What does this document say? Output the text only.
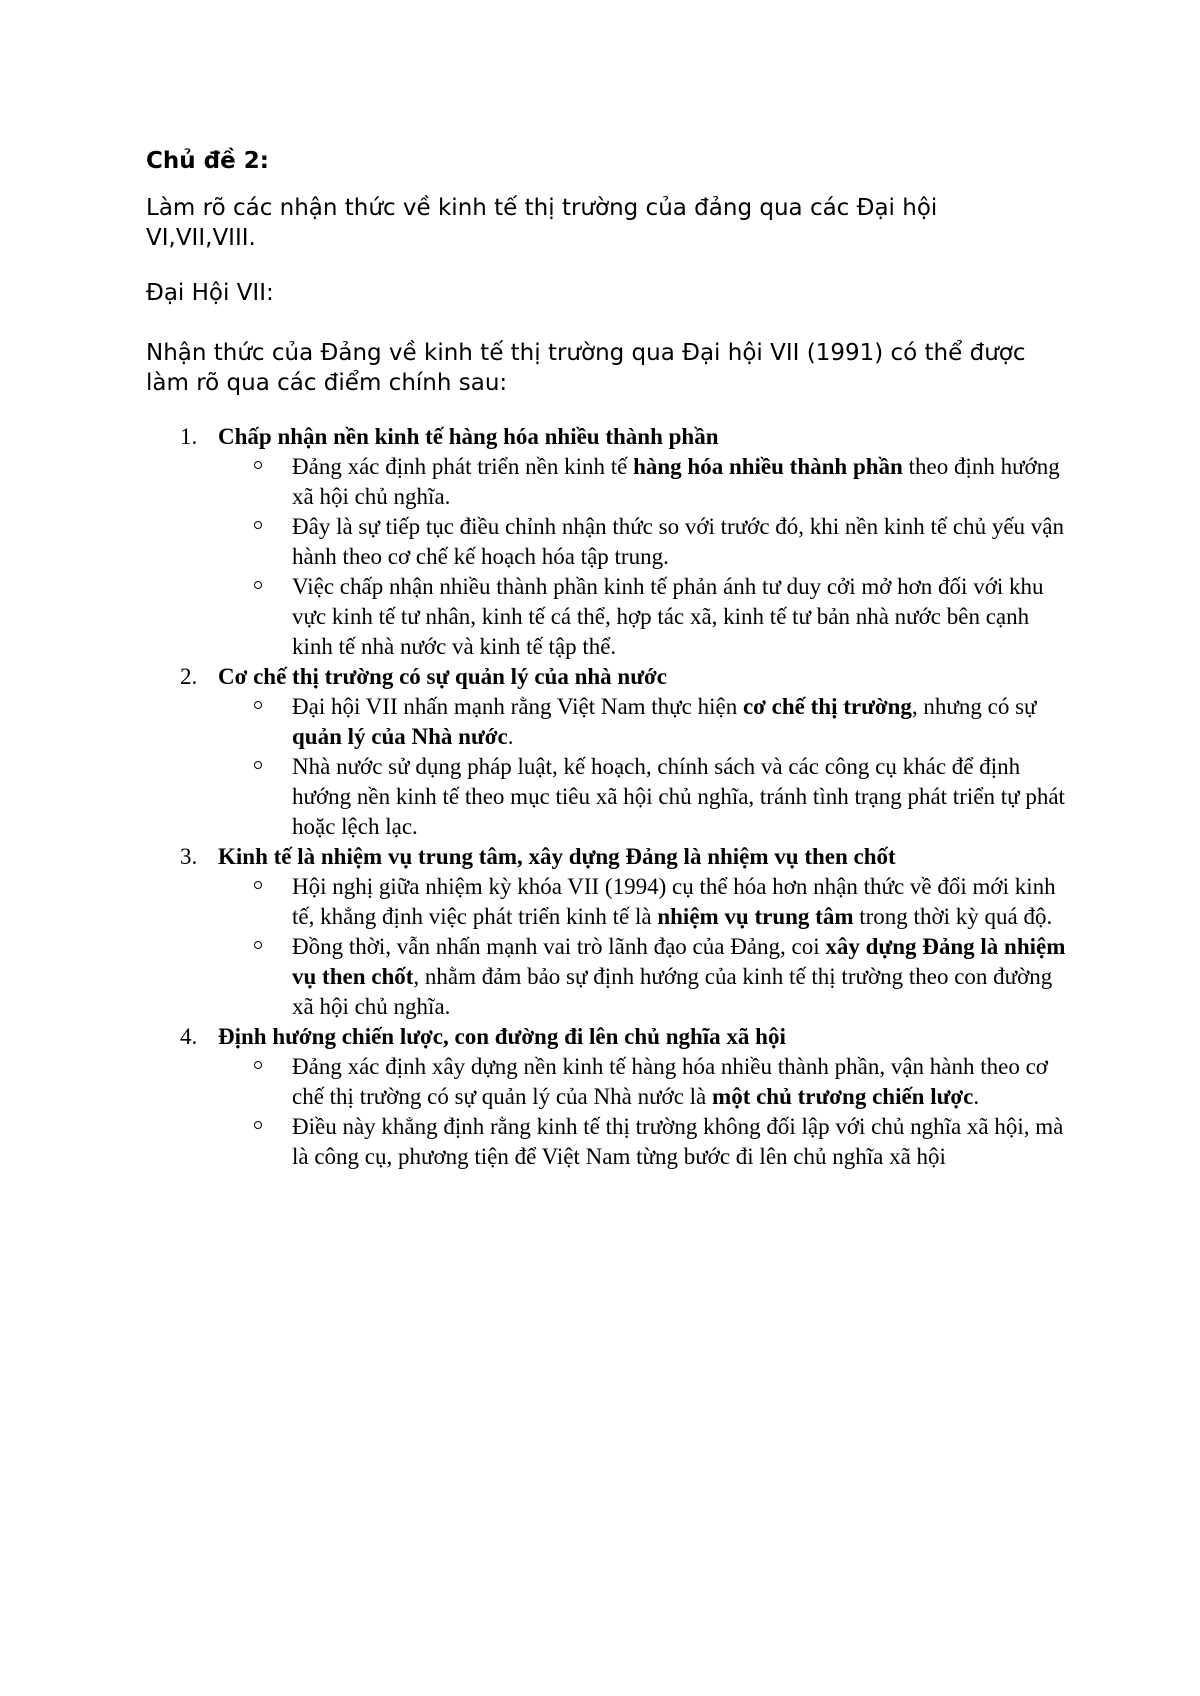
Chủ đề 2:

Làm rõ các nhận thức về kinh tế thị trường của đảng qua các Đại hội VI,VII,VIII.

Đại Hội VII:

Nhận thức của Đảng về kinh tế thị trường qua Đại hội VII (1991) có thể được làm rõ qua các điểm chính sau:

1. Chấp nhận nền kinh tế hàng hóa nhiều thành phần
Đảng xác định phát triển nền kinh tế hàng hóa nhiều thành phần theo định hướng xã hội chủ nghĩa.
Đây là sự tiếp tục điều chỉnh nhận thức so với trước đó, khi nền kinh tế chủ yếu vận hành theo cơ chế kế hoạch hóa tập trung.
Việc chấp nhận nhiều thành phần kinh tế phản ánh tư duy cởi mở hơn đối với khu vực kinh tế tư nhân, kinh tế cá thể, hợp tác xã, kinh tế tư bản nhà nước bên cạnh kinh tế nhà nước và kinh tế tập thể.
2. Cơ chế thị trường có sự quản lý của nhà nước
Đại hội VII nhấn mạnh rằng Việt Nam thực hiện cơ chế thị trường, nhưng có sự quản lý của Nhà nước.
Nhà nước sử dụng pháp luật, kế hoạch, chính sách và các công cụ khác để định hướng nền kinh tế theo mục tiêu xã hội chủ nghĩa, tránh tình trạng phát triển tự phát hoặc lệch lạc.
3. Kinh tế là nhiệm vụ trung tâm, xây dựng Đảng là nhiệm vụ then chốt
Hội nghị giữa nhiệm kỳ khóa VII (1994) cụ thể hóa hơn nhận thức về đổi mới kinh tế, khẳng định việc phát triển kinh tế là nhiệm vụ trung tâm trong thời kỳ quá độ.
Đồng thời, vẫn nhấn mạnh vai trò lãnh đạo của Đảng, coi xây dựng Đảng là nhiệm vụ then chốt, nhằm đảm bảo sự định hướng của kinh tế thị trường theo con đường xã hội chủ nghĩa.
4. Định hướng chiến lược, con đường đi lên chủ nghĩa xã hội
Đảng xác định xây dựng nền kinh tế hàng hóa nhiều thành phần, vận hành theo cơ chế thị trường có sự quản lý của Nhà nước là một chủ trương chiến lược.
Điều này khẳng định rằng kinh tế thị trường không đối lập với chủ nghĩa xã hội, mà là công cụ, phương tiện để Việt Nam từng bước đi lên chủ nghĩa xã hội
